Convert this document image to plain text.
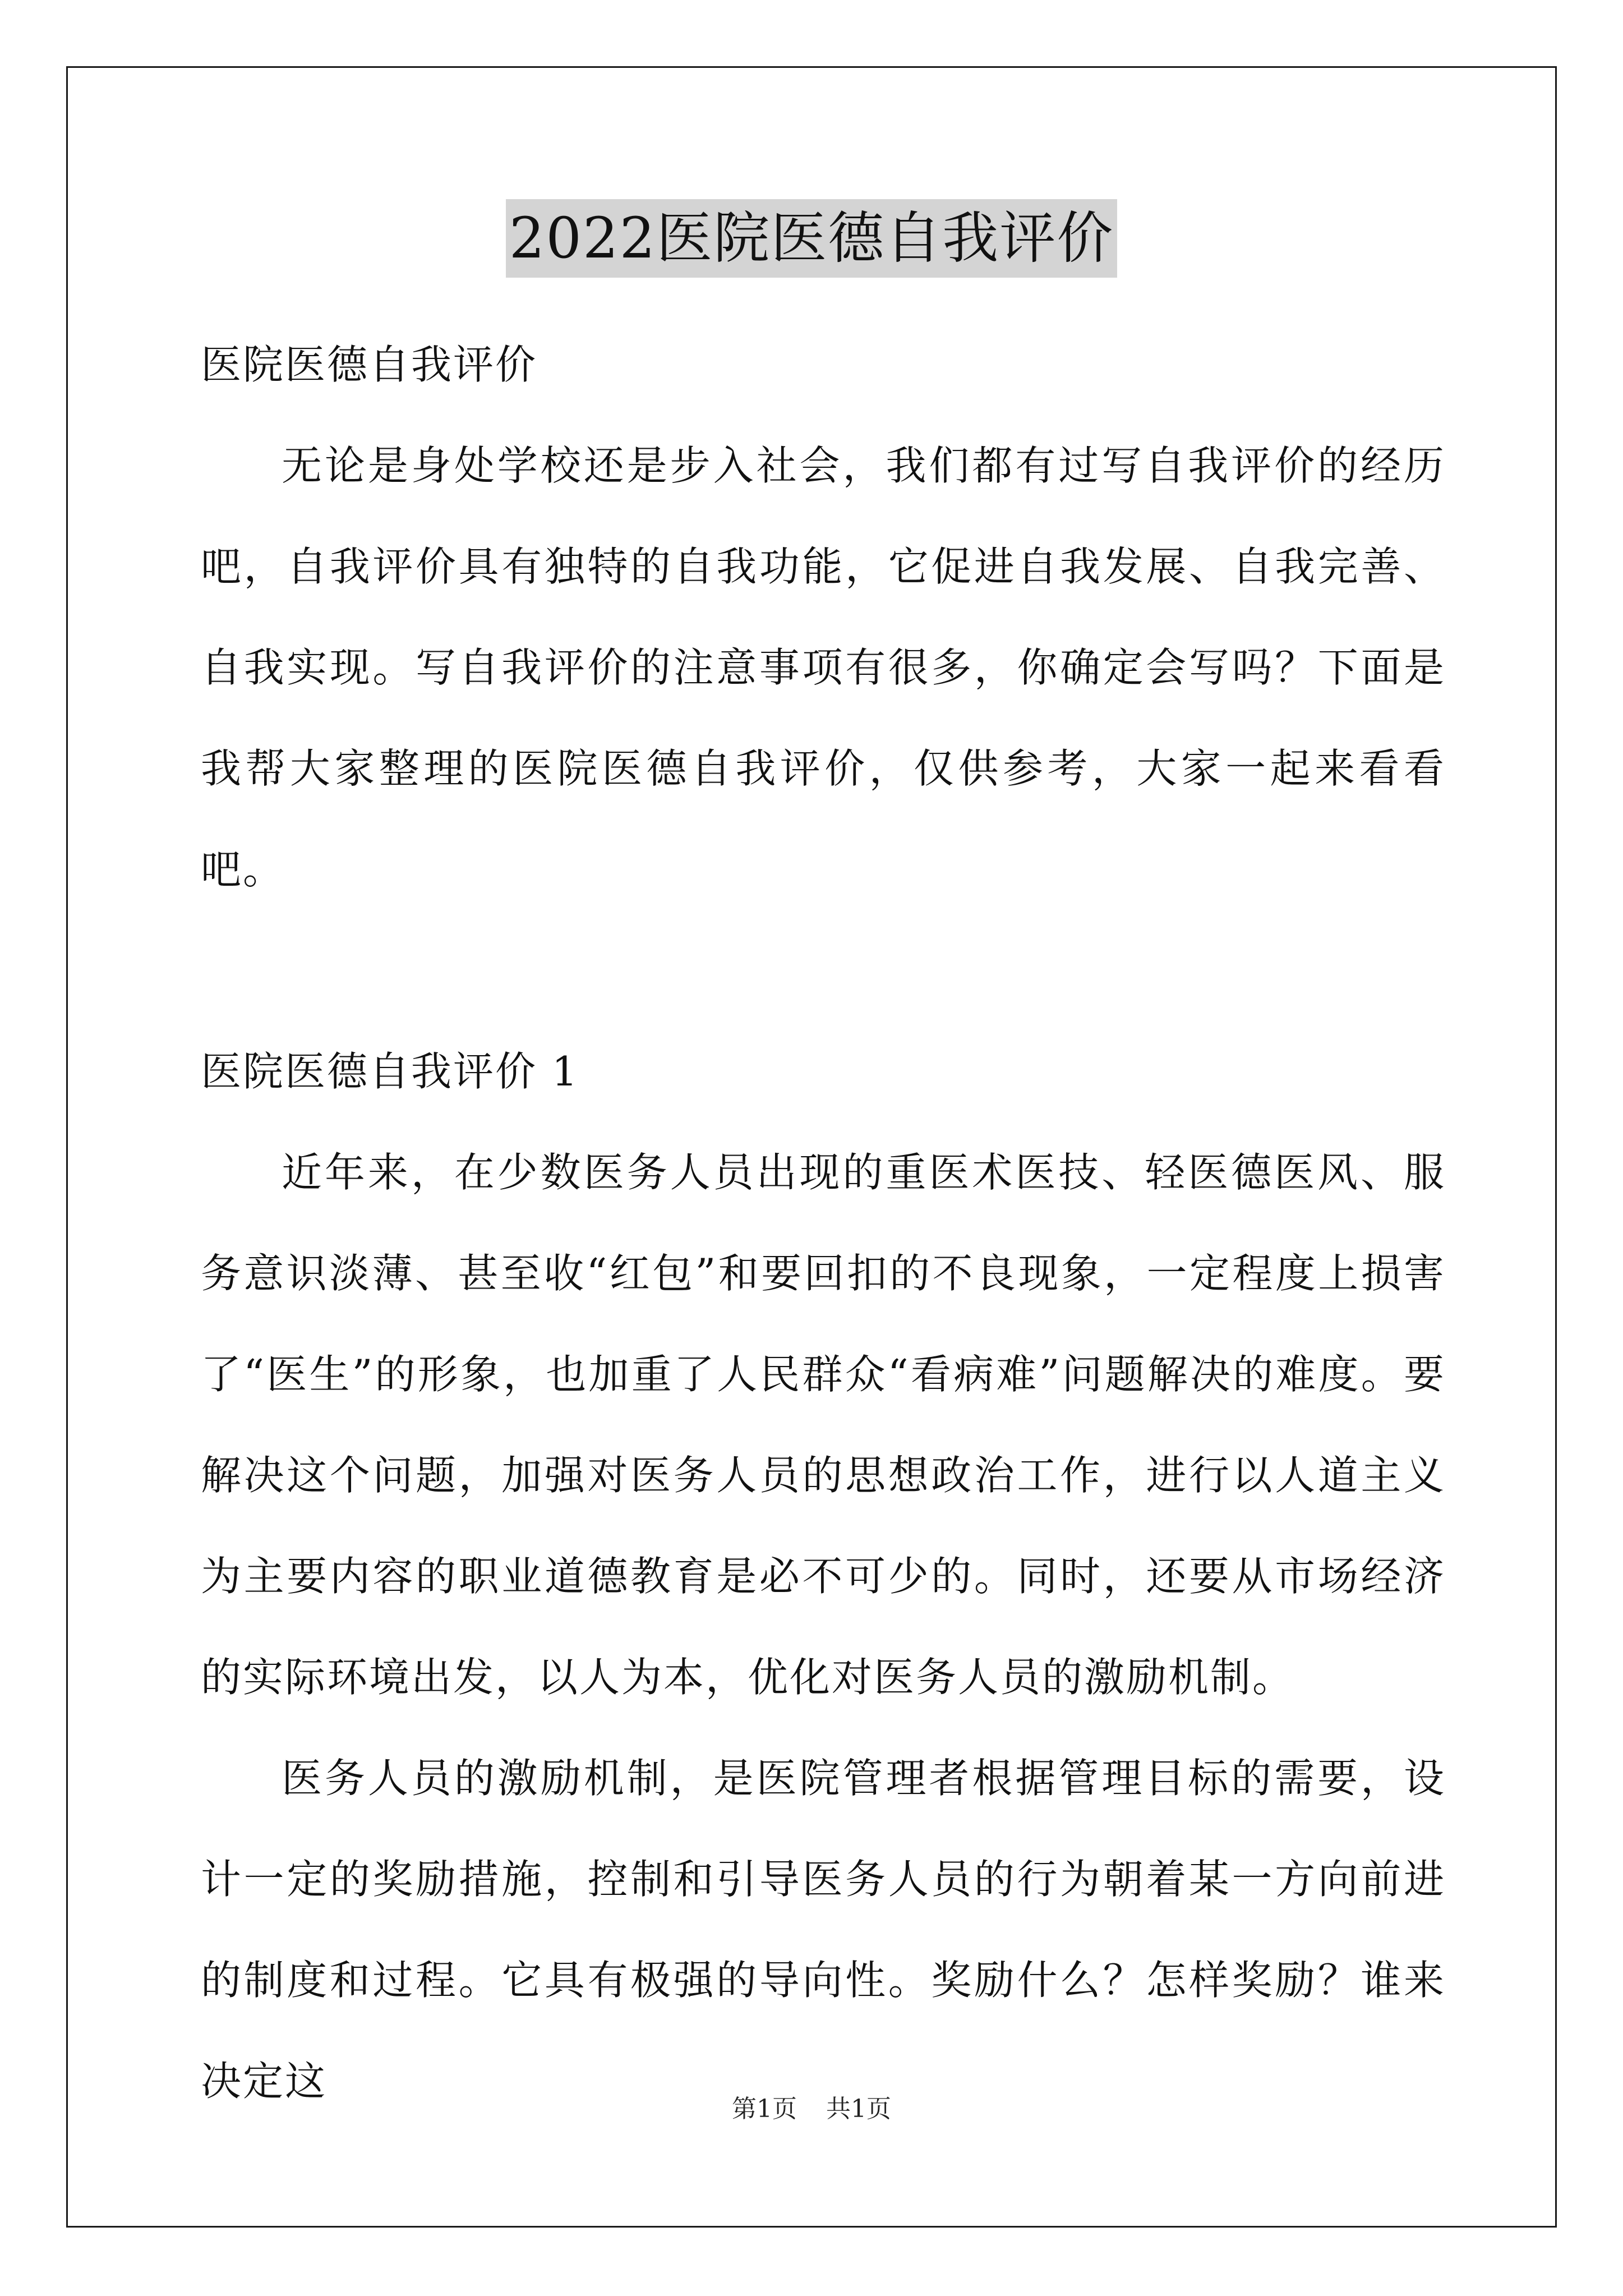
2022医院医德自我评价

医院医德自我评价

无论是身处学校还是步入社会，我们都有过写自我评价的经历吧，自我评价具有独特的自我功能，它促进自我发展、自我完善、自我实现。写自我评价的注意事项有很多，你确定会写吗？下面是我帮大家整理的医院医德自我评价，仅供参考，大家一起来看看吧。

医院医德自我评价 1

近年来，在少数医务人员出现的重医术医技、轻医德医风、服务意识淡薄、甚至收“红包”和要回扣的不良现象，一定程度上损害了“医生”的形象，也加重了人民群众“看病难”问题解决的难度。要解决这个问题，加强对医务人员的思想政治工作，进行以人道主义为主要内容的职业道德教育是必不可少的。同时，还要从市场经济的实际环境出发，以人为本，优化对医务人员的激励机制。

医务人员的激励机制，是医院管理者根据管理目标的需要，设计一定的奖励措施，控制和引导医务人员的行为朝着某一方向前进的制度和过程。它具有极强的导向性。奖励什么？怎样奖励？谁来决定这

第1页 共1页
